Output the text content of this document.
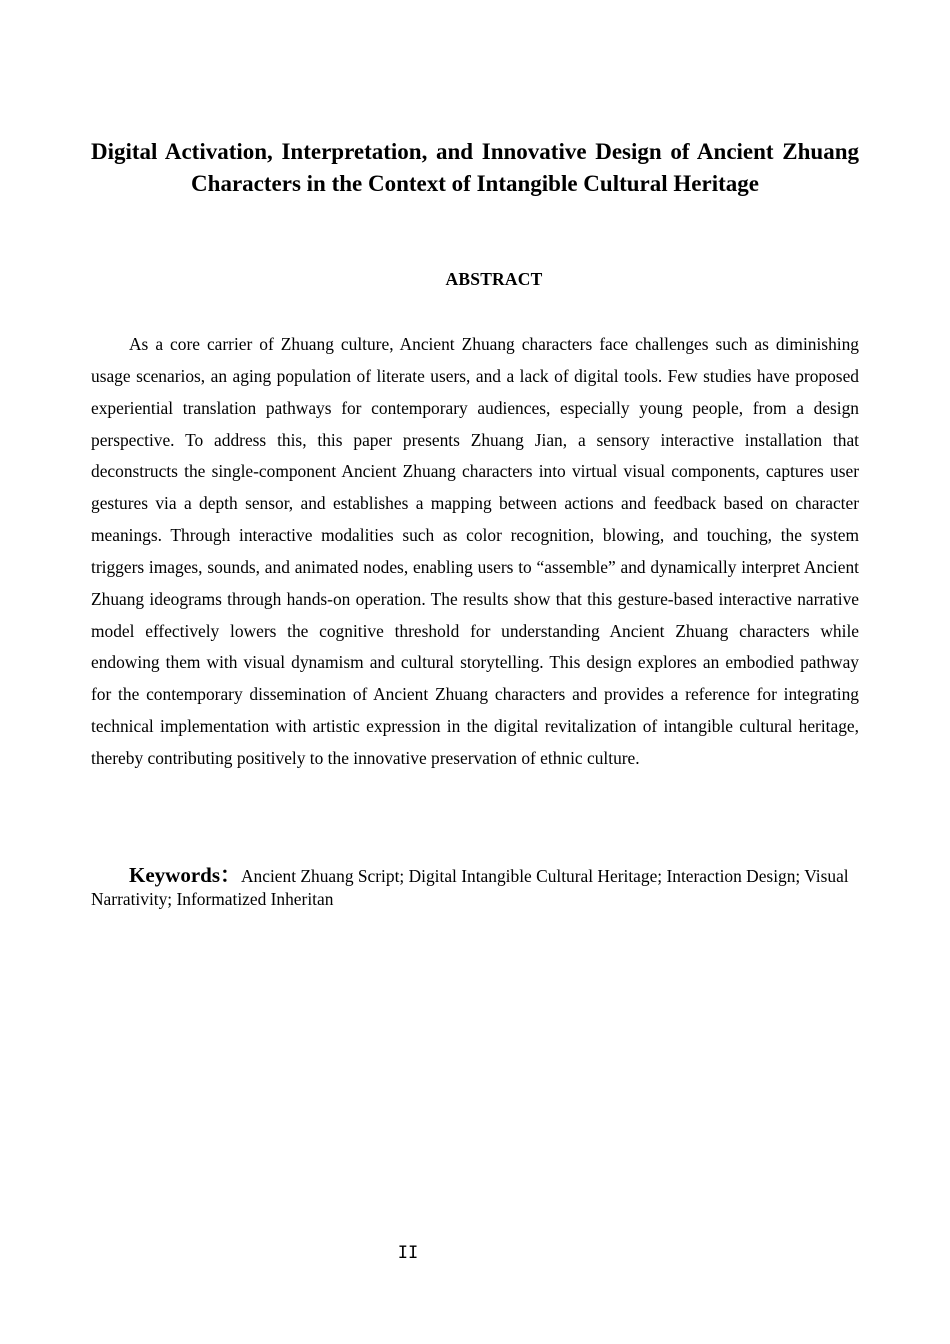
Digital Activation, Interpretation, and Innovative Design of Ancient Zhuang Characters in the Context of Intangible Cultural Heritage
ABSTRACT

As a core carrier of Zhuang culture, Ancient Zhuang characters face challenges such as diminishing usage scenarios, an aging population of literate users, and a lack of digital tools. Few studies have proposed experiential translation pathways for contemporary audiences, especially young people, from a design perspective. To address this, this paper presents Zhuang Jian, a sensory interactive installation that deconstructs the single-component Ancient Zhuang characters into virtual visual components, captures user gestures via a depth sensor, and establishes a mapping between actions and feedback based on character meanings. Through interactive modalities such as color recognition, blowing, and touching, the system triggers images, sounds, and animated nodes, enabling users to “assemble” and dynamically interpret Ancient Zhuang ideograms through hands-on operation. The results show that this gesture-based interactive narrative model effectively lowers the cognitive threshold for understanding Ancient Zhuang characters while endowing them with visual dynamism and cultural storytelling. This design explores an embodied pathway for the contemporary dissemination of Ancient Zhuang characters and provides a reference for integrating technical implementation with artistic expression in the digital revitalization of intangible cultural heritage, thereby contributing positively to the innovative preservation of ethnic culture.

Keywords：Ancient Zhuang Script; Digital Intangible Cultural Heritage; Interaction Design; Visual Narrativity; Informatized Inheritan

II
